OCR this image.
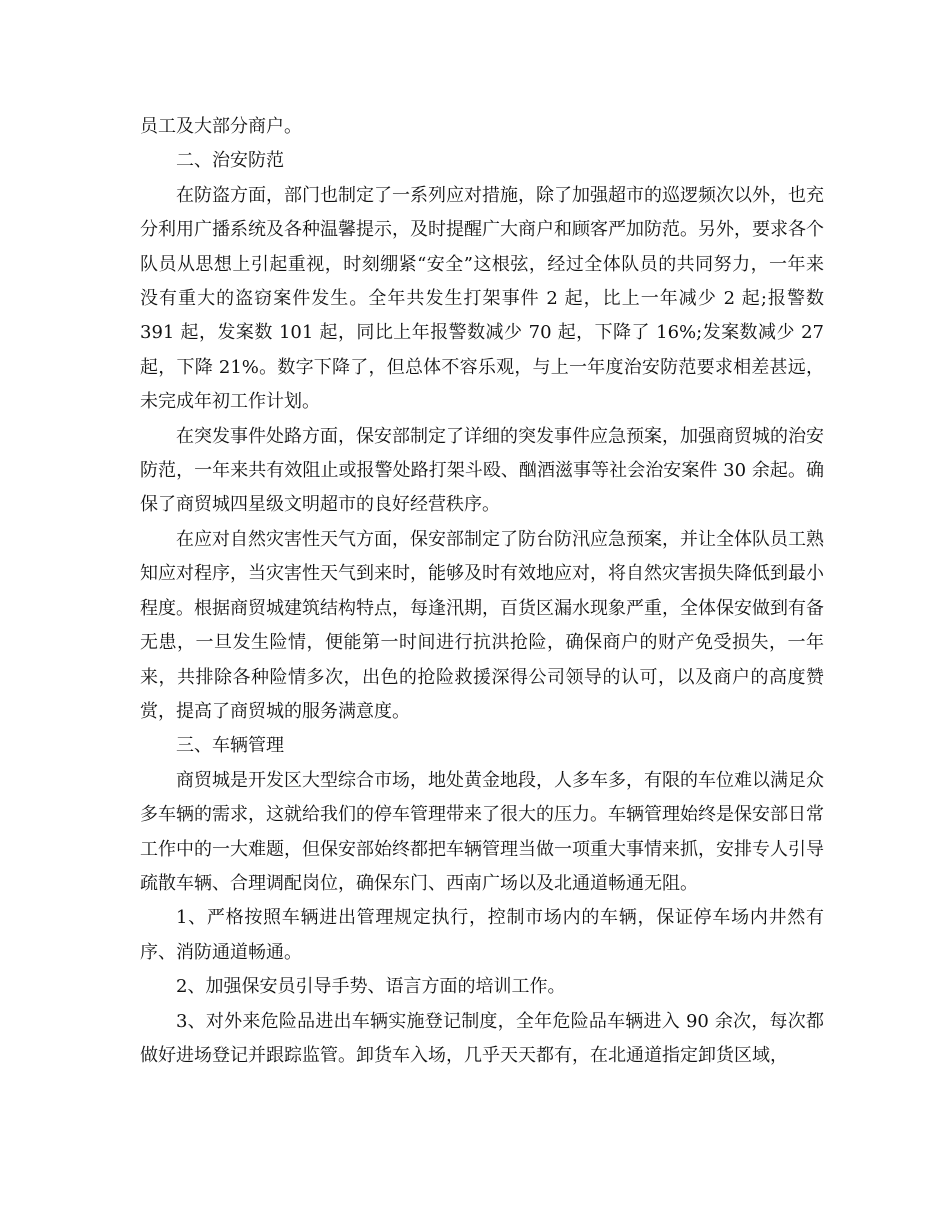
员工及大部分商户。

二、治安防范

在防盗方面，部门也制定了一系列应对措施，除了加强超市的巡逻频次以外，也充分利用广播系统及各种温馨提示，及时提醒广大商户和顾客严加防范。另外，要求各个队员从思想上引起重视，时刻绷紧“安全”这根弦，经过全体队员的共同努力，一年来没有重大的盗窃案件发生。全年共发生打架事件 2 起，比上一年减少 2 起;报警数 391 起，发案数 101 起，同比上年报警数减少 70 起，下降了 16%;发案数减少 27 起，下降 21%。数字下降了，但总体不容乐观，与上一年度治安防范要求相差甚远，未完成年初工作计划。

在突发事件处路方面，保安部制定了详细的突发事件应急预案，加强商贸城的治安防范，一年来共有效阻止或报警处路打架斗殴、酗酒滋事等社会治安案件 30 余起。确保了商贸城四星级文明超市的良好经营秩序。

在应对自然灾害性天气方面，保安部制定了防台防汛应急预案，并让全体队员工熟知应对程序，当灾害性天气到来时，能够及时有效地应对，将自然灾害损失降低到最小程度。根据商贸城建筑结构特点，每逢汛期，百货区漏水现象严重，全体保安做到有备无患，一旦发生险情，便能第一时间进行抗洪抢险，确保商户的财产免受损失，一年来，共排除各种险情多次，出色的抢险救援深得公司领导的认可，以及商户的高度赞赏，提高了商贸城的服务满意度。

三、车辆管理

商贸城是开发区大型综合市场，地处黄金地段，人多车多，有限的车位难以满足众多车辆的需求，这就给我们的停车管理带来了很大的压力。车辆管理始终是保安部日常工作中的一大难题，但保安部始终都把车辆管理当做一项重大事情来抓，安排专人引导疏散车辆、合理调配岗位，确保东门、西南广场以及北通道畅通无阻。

1、严格按照车辆进出管理规定执行，控制市场内的车辆，保证停车场内井然有序、消防通道畅通。

2、加强保安员引导手势、语言方面的培训工作。

3、对外来危险品进出车辆实施登记制度，全年危险品车辆进入 90 余次，每次都做好进场登记并跟踪监管。卸货车入场，几乎天天都有，在北通道指定卸货区域，
